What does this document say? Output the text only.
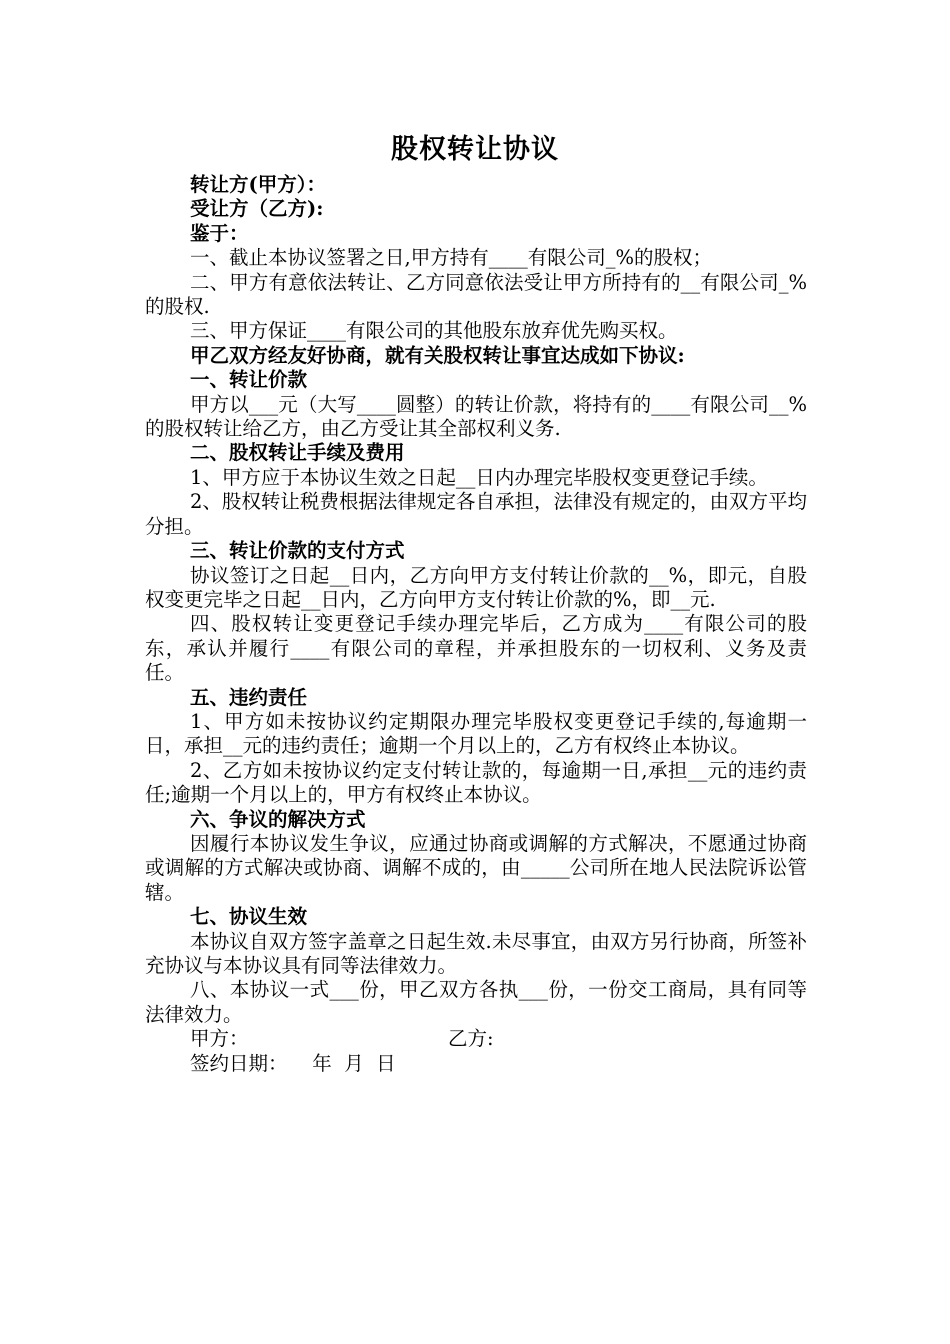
股权转让协议

转让方(甲方）：

受让方（乙方):

鉴于：

一、截止本协议签署之日,甲方持有____有限公司_%的股权；

二、甲方有意依法转让、乙方同意依法受让甲方所持有的__有限公司_%的股权.

三、甲方保证____有限公司的其他股东放弃优先购买权。

甲乙双方经友好协商，就有关股权转让事宜达成如下协议:

一、转让价款

甲方以___元（大写____圆整）的转让价款，将持有的____有限公司__%的股权转让给乙方，由乙方受让其全部权利义务.

二、股权转让手续及费用

1、甲方应于本协议生效之日起__日内办理完毕股权变更登记手续。

2、股权转让税费根据法律规定各自承担，法律没有规定的，由双方平均分担。

三、转让价款的支付方式

协议签订之日起__日内，乙方向甲方支付转让价款的__%，即元，自股权变更完毕之日起__日内，乙方向甲方支付转让价款的%，即__元.

四、股权转让变更登记手续办理完毕后，乙方成为____有限公司的股东，承认并履行____有限公司的章程，并承担股东的一切权利、义务及责任。

五、违约责任

1、甲方如未按协议约定期限办理完毕股权变更登记手续的,每逾期一日，承担__元的违约责任；逾期一个月以上的，乙方有权终止本协议。

2、乙方如未按协议约定支付转让款的，每逾期一日,承担__元的违约责任;逾期一个月以上的，甲方有权终止本协议。

六、争议的解决方式

因履行本协议发生争议，应通过协商或调解的方式解决，不愿通过协商或调解的方式解决或协商、调解不成的，由_____公司所在地人民法院诉讼管辖。

七、协议生效

本协议自双方签字盖章之日起生效.未尽事宜，由双方另行协商，所签补充协议与本协议具有同等法律效力。

八、本协议一式___份，甲乙双方各执___份，一份交工商局，具有同等法律效力。

甲方：	乙方:
签约日期：    年  月  日
